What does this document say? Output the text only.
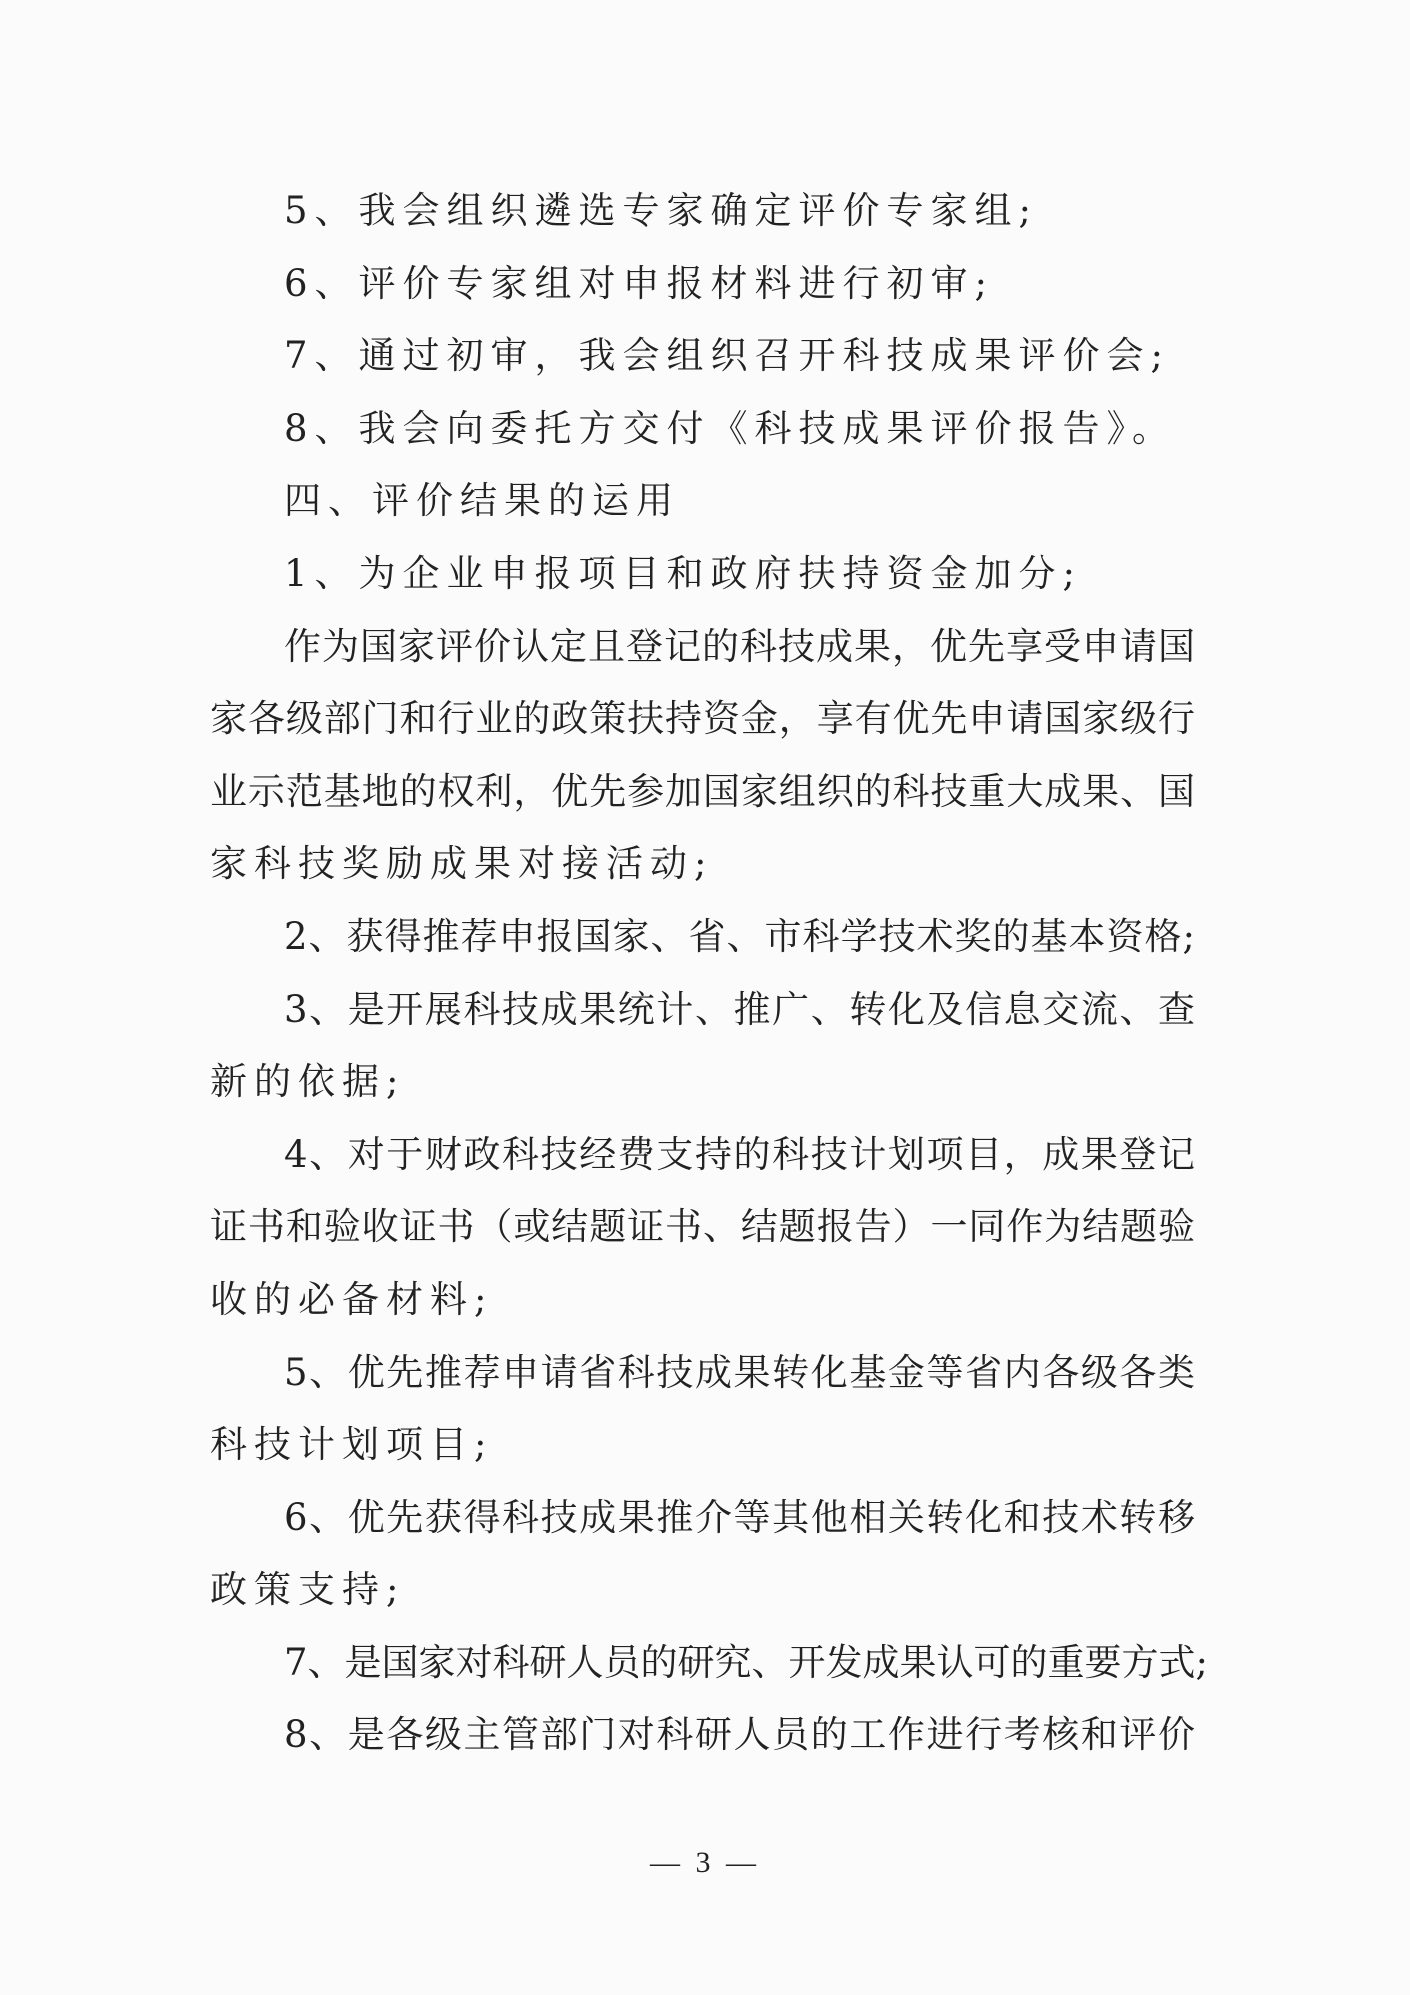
5、我会组织遴选专家确定评价专家组;

6、评价专家组对申报材料进行初审;

7、通过初审，我会组织召开科技成果评价会;

8、我会向委托方交付《科技成果评价报告》。

四、评价结果的运用

1、为企业申报项目和政府扶持资金加分;

作为国家评价认定且登记的科技成果，优先享受申请国

家各级部门和行业的政策扶持资金，享有优先申请国家级行

业示范基地的权利，优先参加国家组织的科技重大成果、国

家科技奖励成果对接活动;

2、获得推荐申报国家、省、市科学技术奖的基本资格;

3、是开展科技成果统计、推广、转化及信息交流、查

新的依据;

4、对于财政科技经费支持的科技计划项目，成果登记

证书和验收证书（或结题证书、结题报告）一同作为结题验

收的必备材料;

5、优先推荐申请省科技成果转化基金等省内各级各类

科技计划项目;

6、优先获得科技成果推介等其他相关转化和技术转移

政策支持;

7、是国家对科研人员的研究、开发成果认可的重要方式;

8、是各级主管部门对科研人员的工作进行考核和评价

— 3 —
